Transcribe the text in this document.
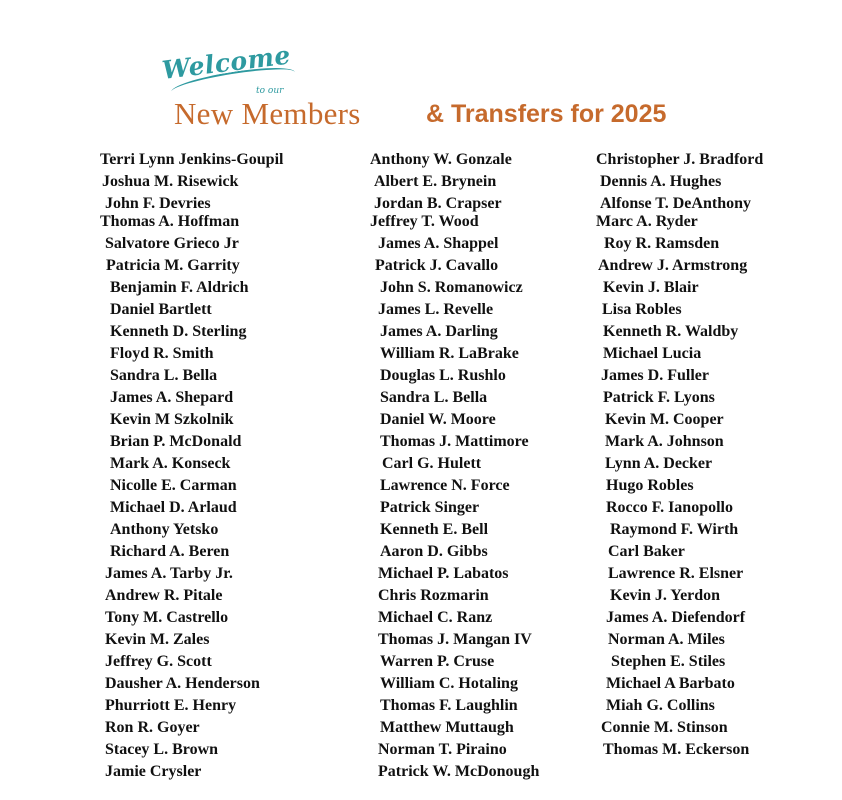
Welcome
to our
New Members	& Transfers for 2025
Terri Lynn Jenkins-Goupil
Joshua M. Risewick
John F. Devries
Thomas A. Hoffman
Salvatore Grieco Jr
Patricia M. Garrity
Benjamin F. Aldrich
Daniel Bartlett
Kenneth D. Sterling
Floyd R. Smith
Sandra L. Bella
James A. Shepard
Kevin M Szkolnik
Brian P. McDonald
Mark A. Konseck
Nicolle E. Carman
Michael D. Arlaud
Anthony Yetsko
Richard A. Beren
James A. Tarby Jr.
Andrew R. Pitale
Tony M. Castrello
Kevin M. Zales
Jeffrey G. Scott
Dausher A. Henderson
Phurriott E. Henry
Ron R. Goyer
Stacey L. Brown
Jamie Crysler
Anthony W. Gonzale
Albert E. Brynein
Jordan B. Crapser
Jeffrey T. Wood
James A. Shappel
Patrick J. Cavallo
John S. Romanowicz
James L. Revelle
James A. Darling
William R. LaBrake
Douglas L. Rushlo
Sandra L. Bella
Daniel W. Moore
Thomas J. Mattimore
Carl G. Hulett
Lawrence N. Force
Patrick Singer
Kenneth E. Bell
Aaron D. Gibbs
Michael P. Labatos
Chris Rozmarin
Michael C. Ranz
Thomas J. Mangan IV
Warren P. Cruse
William C. Hotaling
Thomas F. Laughlin
Matthew Muttaugh
Norman T. Piraino
Patrick W. McDonough
Christopher J. Bradford
Dennis A. Hughes
Alfonse T. DeAnthony
Marc A. Ryder
Roy R. Ramsden
Andrew J. Armstrong
Kevin J. Blair
Lisa Robles
Kenneth R. Waldby
Michael Lucia
James D. Fuller
Patrick F. Lyons
Kevin M. Cooper
Mark A. Johnson
Lynn A. Decker
Hugo Robles
Rocco F. Ianopollo
Raymond F. Wirth
Carl Baker
Lawrence R. Elsner
Kevin J. Yerdon
James A. Diefendorf
Norman A. Miles
Stephen E. Stiles
Michael A Barbato
Miah G. Collins
Connie M. Stinson
Thomas M. Eckerson
